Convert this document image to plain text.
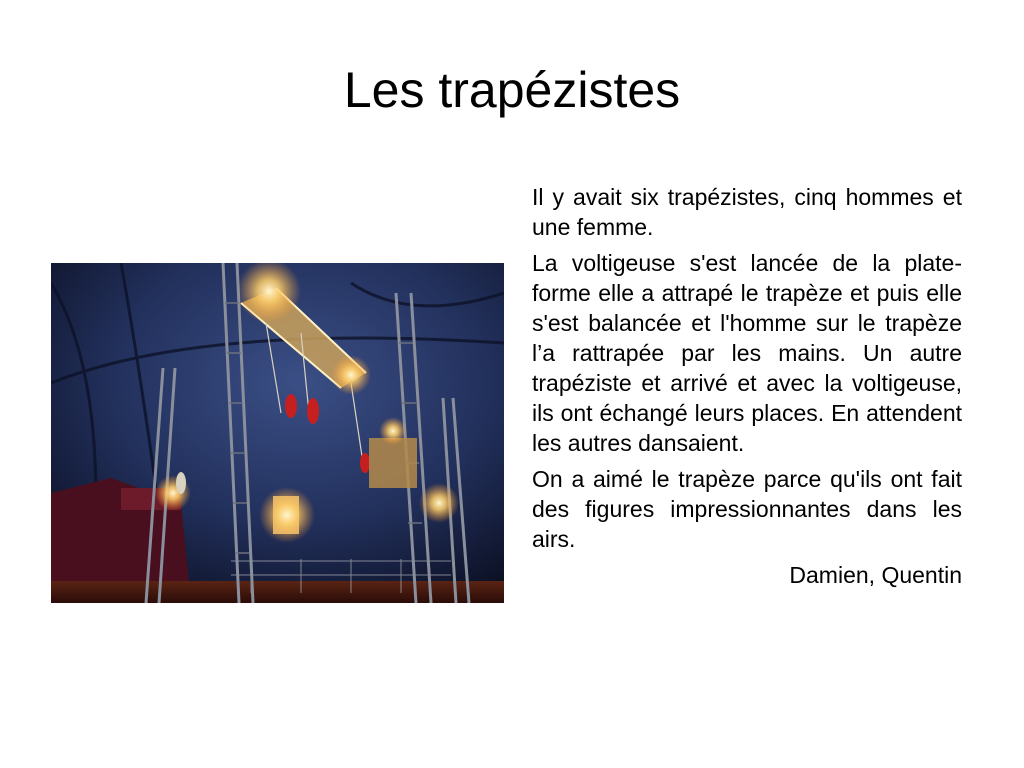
Les trapézistes

Il y avait six trapézistes, cinq hommes et une femme.

La voltigeuse s'est lancée de la plate-forme elle a attrapé le trapèze et puis elle s'est balancée et l'homme sur le trapèze l’a rattrapée par les mains. Un autre trapéziste et arrivé et avec la voltigeuse, ils ont échangé leurs places. En attendent les autres dansaient.

On a aimé le trapèze parce qu'ils ont fait des figures impressionnantes dans les airs.

Damien, Quentin
